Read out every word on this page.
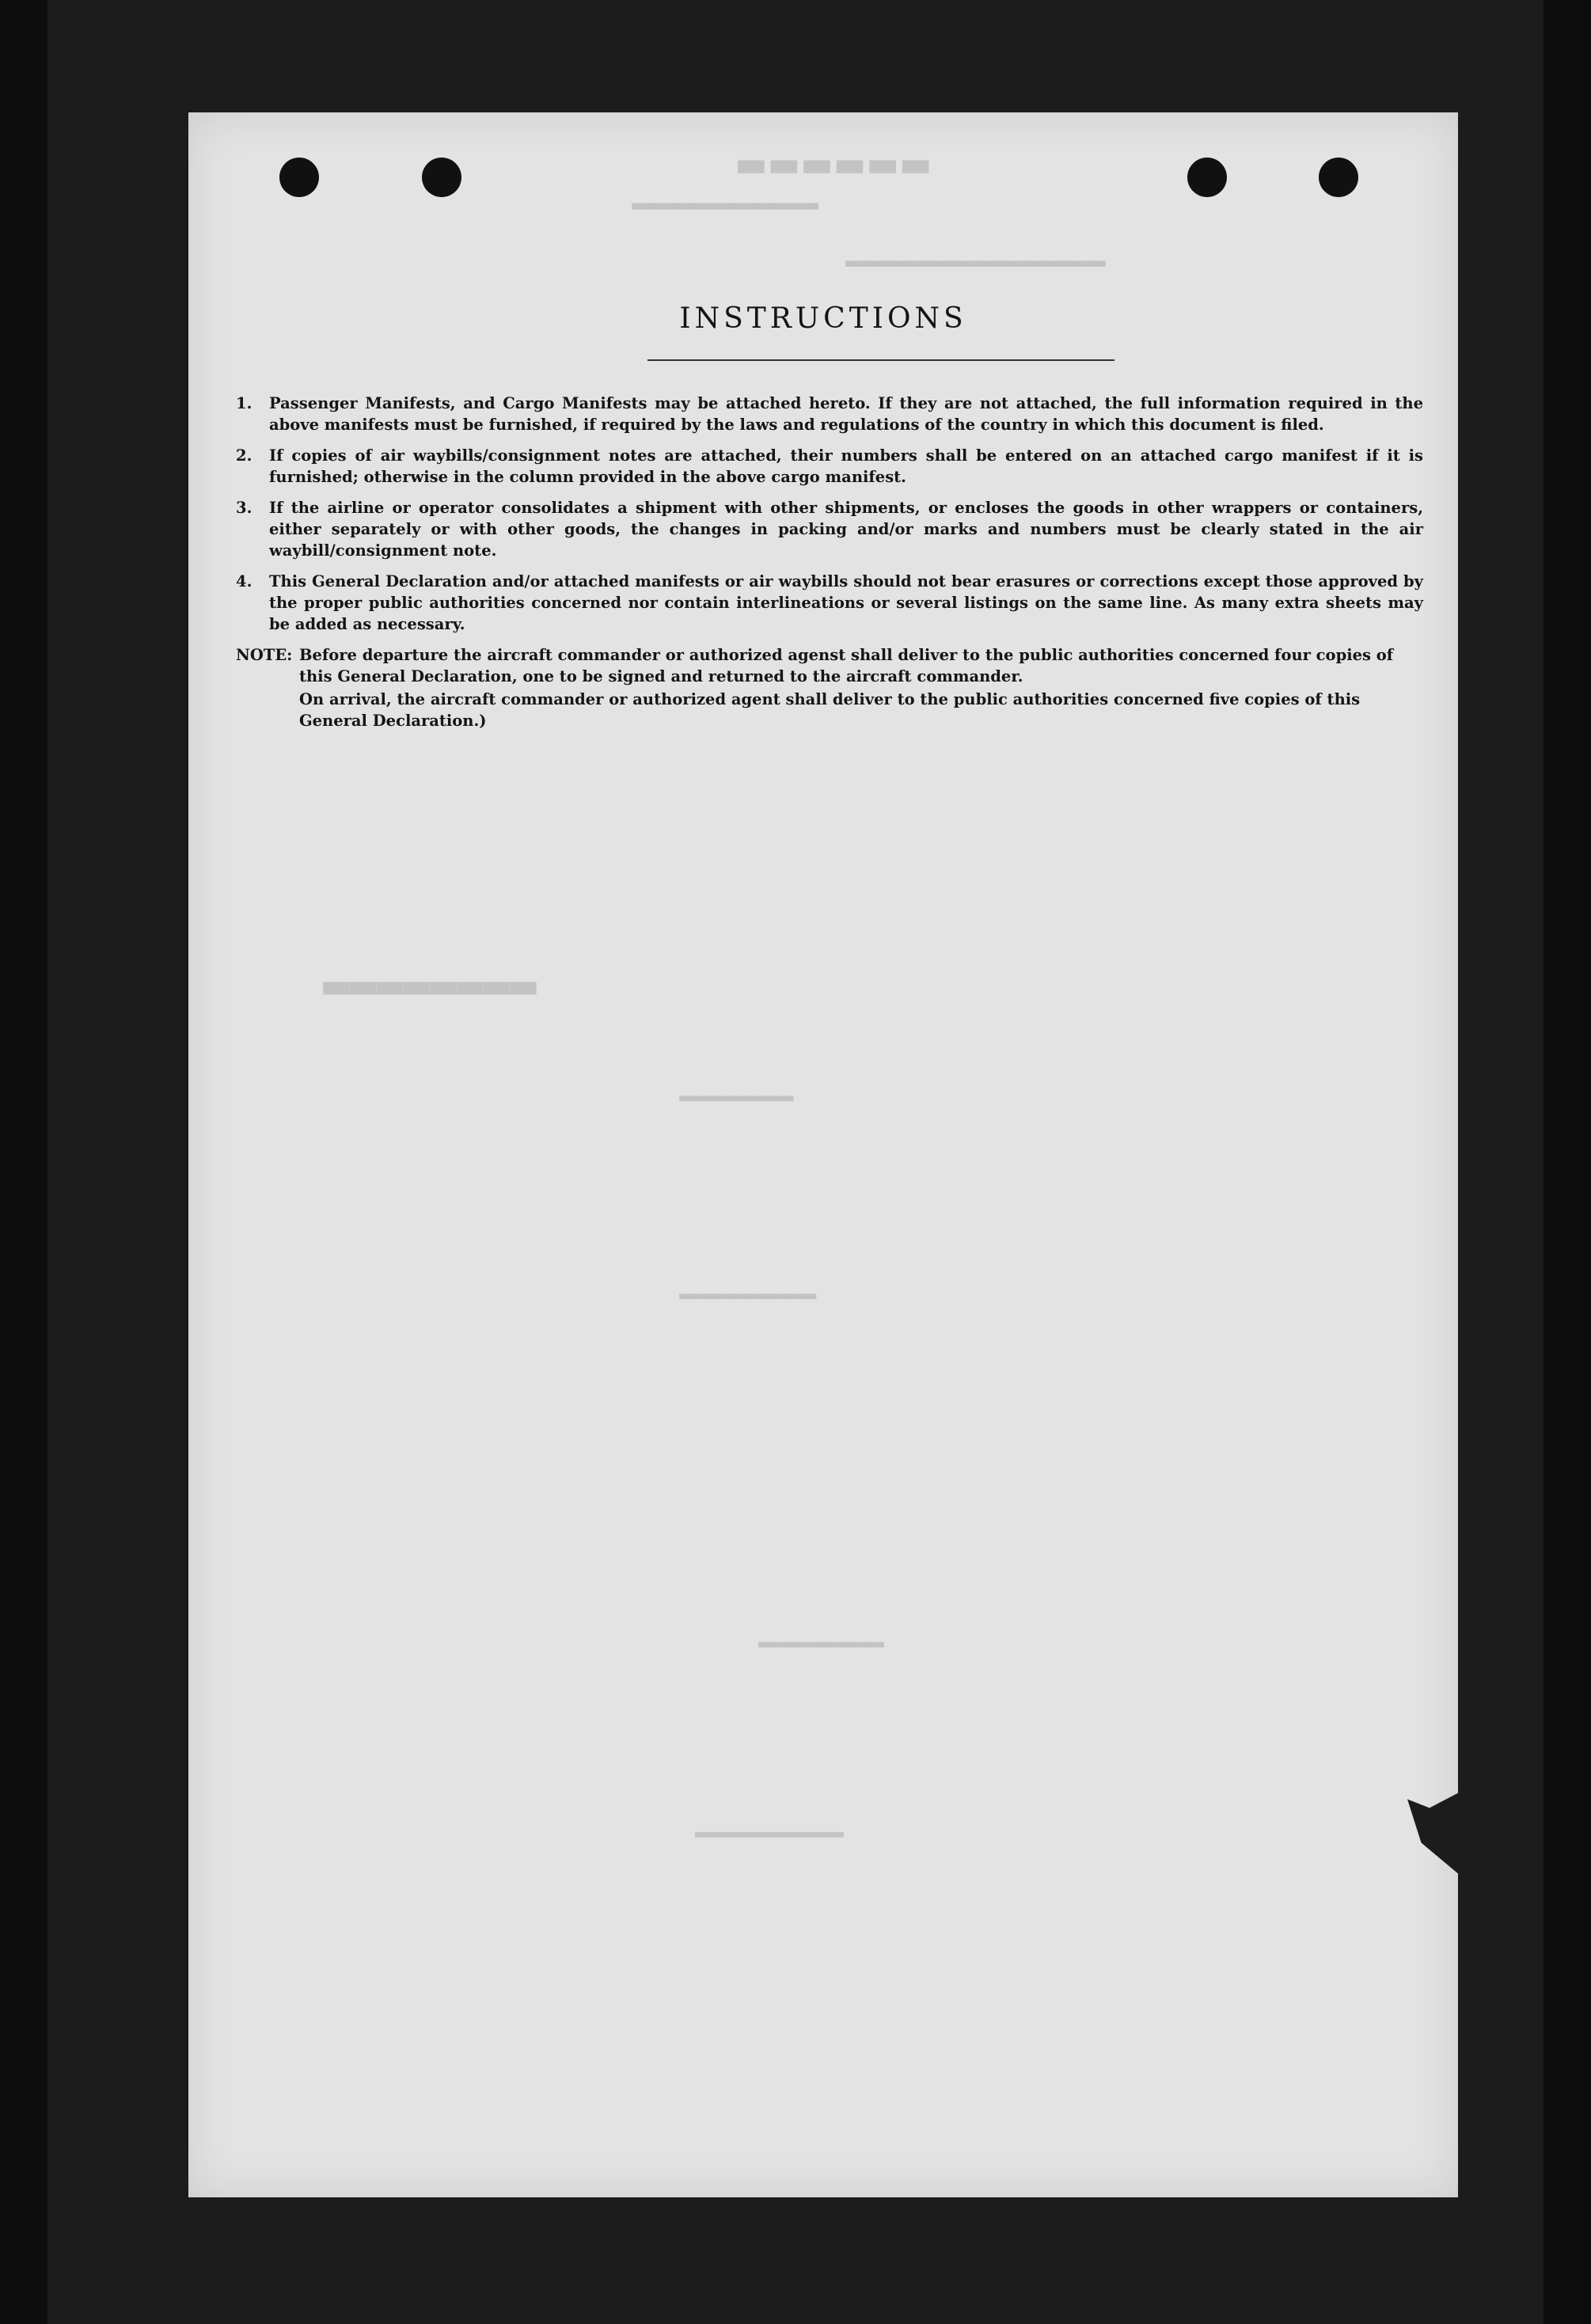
▬▬▬▬▬▬
▬▬▬▬▬▬▬▬▬▬▬▬▬▬
▬▬▬▬▬▬▬▬▬▬▬▬▬▬▬▬▬▬▬▬▬
▬▬▬▬▬▬▬▬
▬▬▬▬▬▬▬▬▬▬
▬▬▬▬▬▬▬▬▬▬▬▬
▬▬▬▬▬▬▬▬▬▬▬
▬▬▬▬▬▬▬▬▬▬▬▬▬
INSTRUCTIONS
1.	Passenger Manifests, and Cargo Manifests may be attached hereto. If they are not attached, the full information required in the above manifests must be furnished, if required by the laws and regulations of the country in which this document is filed.
2.	If copies of air waybills/consignment notes are attached, their numbers shall be entered on an attached cargo manifest if it is furnished; otherwise in the column provided in the above cargo manifest.
3.	If the airline or operator consolidates a shipment with other shipments, or encloses the goods in other wrappers or containers, either separately or with other goods, the changes in packing and/or marks and numbers must be clearly stated in the air waybill/consignment note.
4.	This General Declaration and/or attached manifests or air waybills should not bear erasures or corrections except those approved by the proper public authorities concerned nor contain interlineations or several listings on the same line. As many extra sheets may be added as necessary.
NOTE: Before departure the aircraft commander or authorized agenst shall deliver to the public authorities concerned four copies of this General Declaration, one to be signed and returned to the aircraft commander.
On arrival, the aircraft commander or authorized agent shall deliver to the public authorities concerned five copies of this General Declaration.)
